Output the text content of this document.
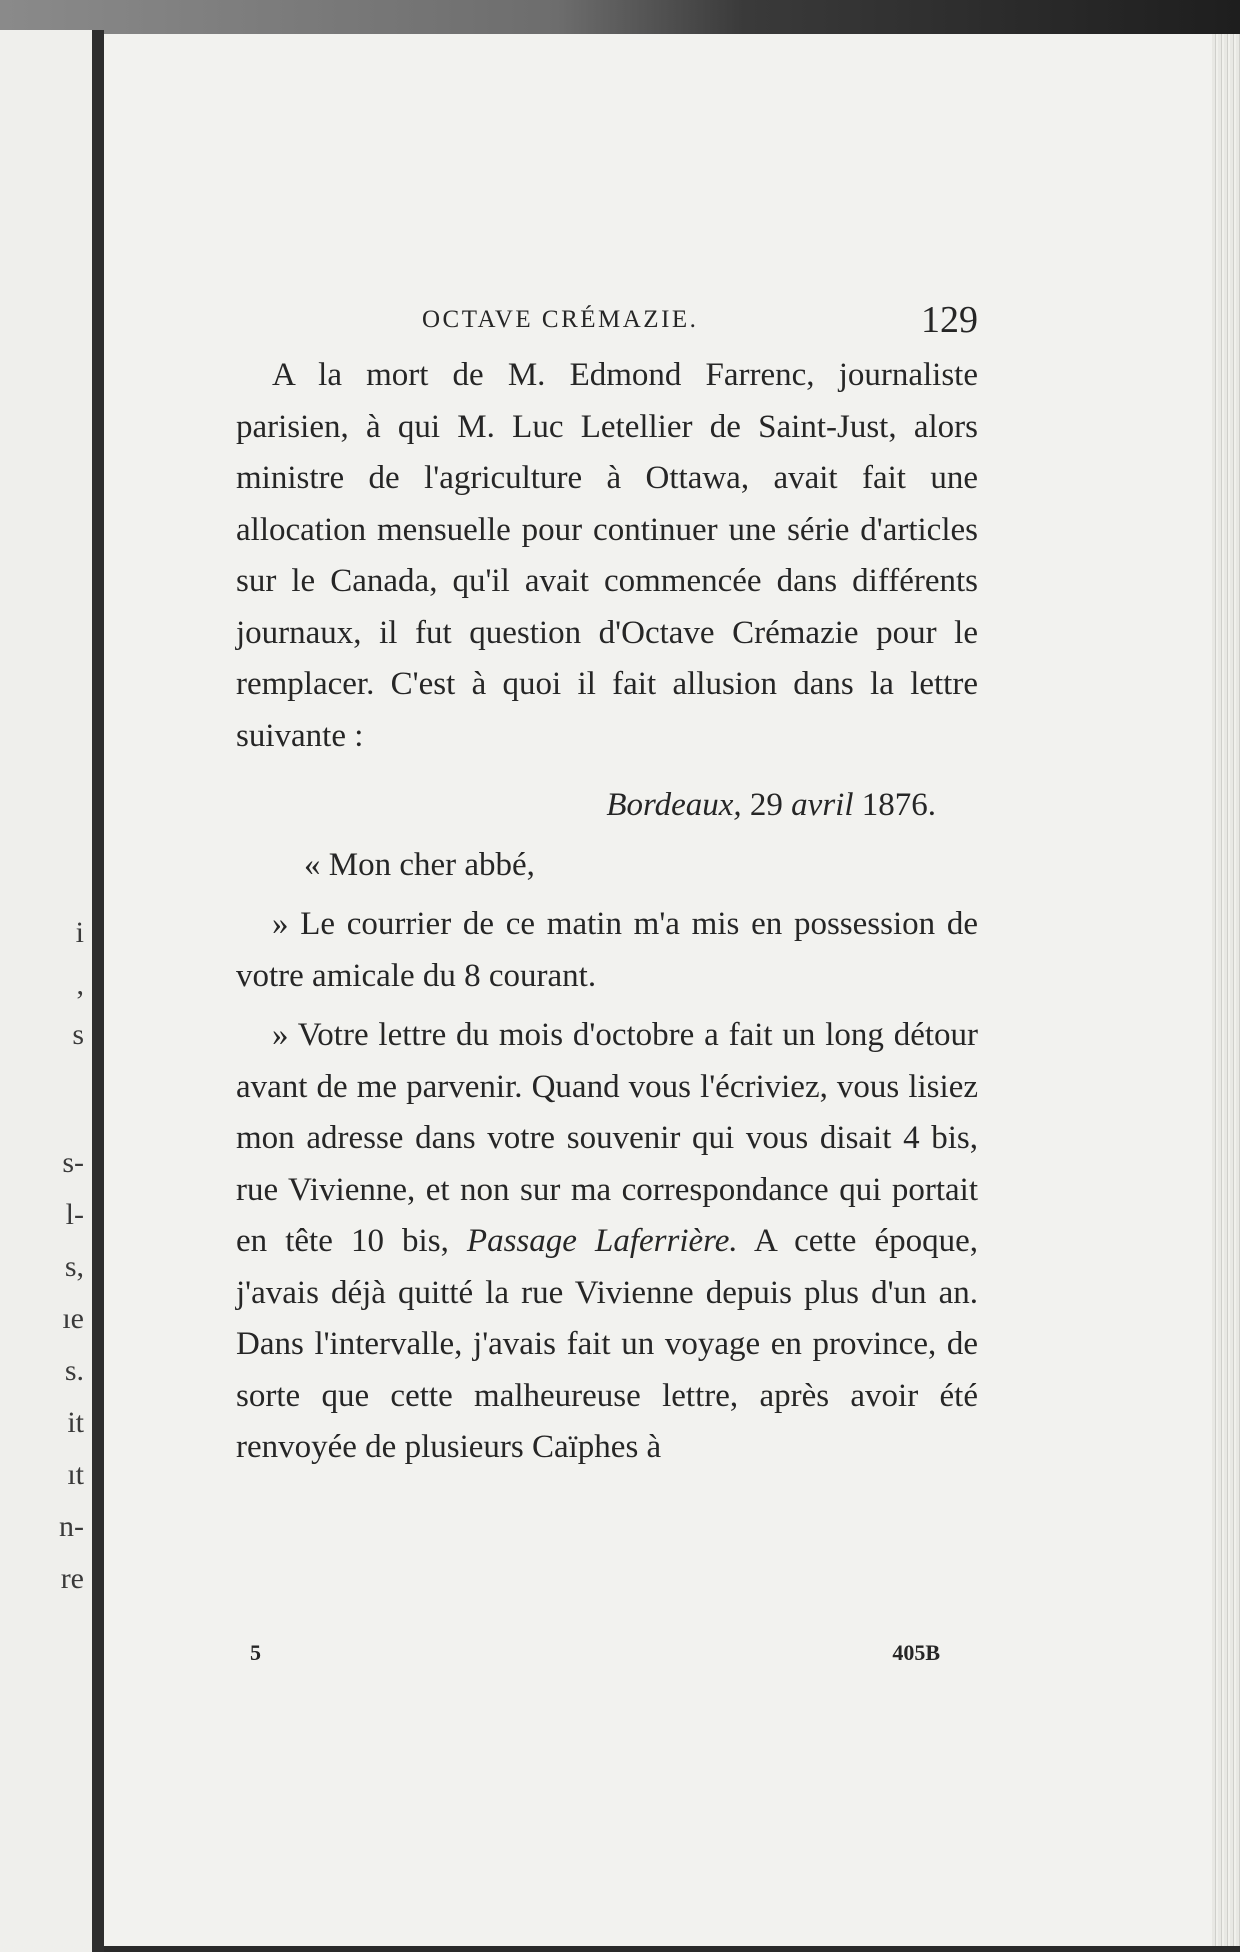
i
,
s
s-
l-
s,
ıe
s.
it
ıt
n-
re
OCTAVE CRÉMAZIE.	129

A la mort de M. Edmond Farrenc, journaliste parisien, à qui M. Luc Letellier de Saint-Just, alors ministre de l'agriculture à Ottawa, avait fait une allocation mensuelle pour continuer une série d'articles sur le Canada, qu'il avait commencée dans différents journaux, il fut question d'Octave Crémazie pour le remplacer. C'est à quoi il fait allusion dans la lettre suivante :

Bordeaux, 29 avril 1876.

« Mon cher abbé,

» Le courrier de ce matin m'a mis en possession de votre amicale du 8 courant.

» Votre lettre du mois d'octobre a fait un long détour avant de me parvenir. Quand vous l'écriviez, vous lisiez mon adresse dans votre souvenir qui vous disait 4 bis, rue Vivienne, et non sur ma correspondance qui portait en tête 10 bis, Passage Laferrière. A cette époque, j'avais déjà quitté la rue Vivienne depuis plus d'un an. Dans l'intervalle, j'avais fait un voyage en province, de sorte que cette malheureuse lettre, après avoir été renvoyée de plusieurs Caïphes à

5	405B
